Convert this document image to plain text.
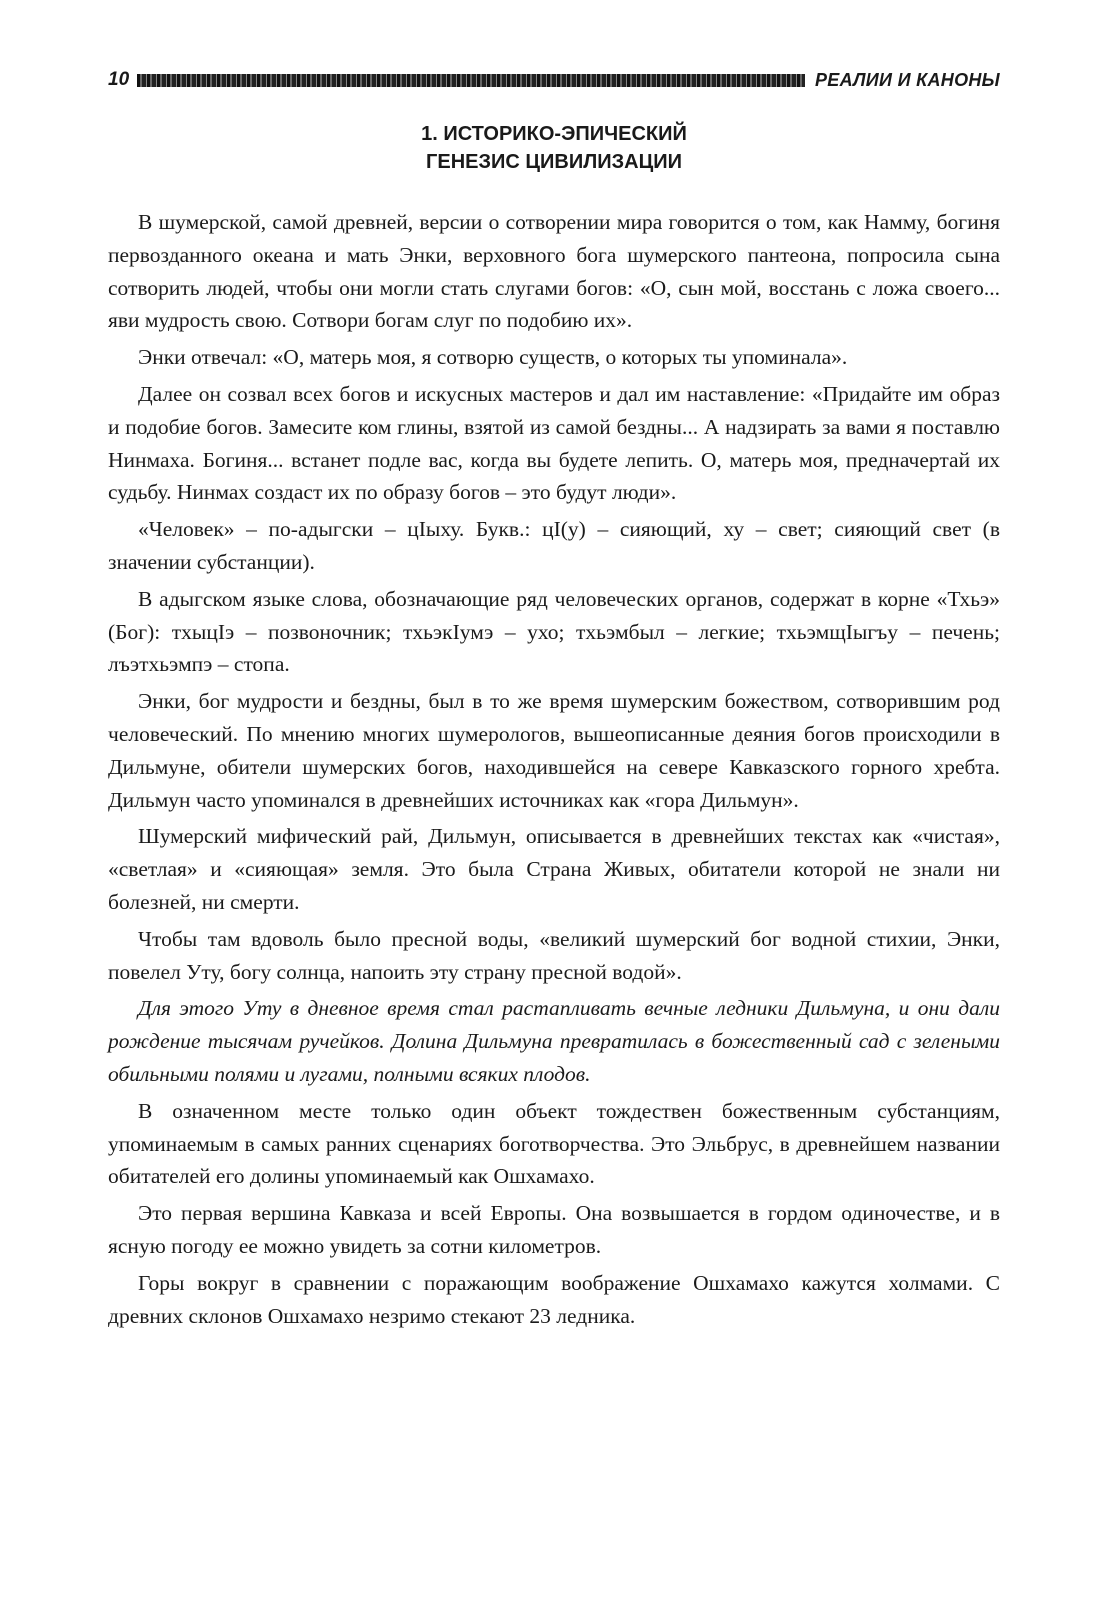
10	РЕАЛИИ И КАНОНЫ
1. ИСТОРИКО-ЭПИЧЕСКИЙ
ГЕНЕЗИС ЦИВИЛИЗАЦИИ

В шумерской, самой древней, версии о сотворении мира говорится о том, как Намму, богиня первозданного океана и мать Энки, верховного бога шумерского пантеона, попросила сына сотворить людей, чтобы они могли стать слугами богов: «О, сын мой, восстань с ложа своего... яви мудрость свою. Сотвори богам слуг по подобию их».

Энки отвечал: «О, матерь моя, я сотворю существ, о которых ты упоминала».

Далее он созвал всех богов и искусных мастеров и дал им наставление: «Придайте им образ и подобие богов. Замесите ком глины, взятой из самой бездны... А надзирать за вами я поставлю Нинмаха. Богиня... встанет подле вас, когда вы будете лепить. О, матерь моя, предначертай их судьбу. Нинмах создаст их по образу богов – это будут люди».

«Человек» – по-адыгски – цIыху. Букв.: цI(у) – сияющий, ху – свет; сияющий свет (в значении субстанции).

В адыгском языке слова, обозначающие ряд человеческих органов, содержат в корне «Тхьэ» (Бог): тхыцIэ – позвоночник; тхьэкIумэ – ухо; тхьэмбыл – легкие; тхьэмщIыгъу – печень; лъэтхьэмпэ – стопа.

Энки, бог мудрости и бездны, был в то же время шумерским божеством, сотворившим род человеческий. По мнению многих шумерологов, вышеописанные деяния богов происходили в Дильмуне, обители шумерских богов, находившейся на севере Кавказского горного хребта. Дильмун часто упоминался в древнейших источниках как «гора Дильмун».

Шумерский мифический рай, Дильмун, описывается в древнейших текстах как «чистая», «светлая» и «сияющая» земля. Это была Страна Живых, обитатели которой не знали ни болезней, ни смерти.

Чтобы там вдоволь было пресной воды, «великий шумерский бог водной стихии, Энки, повелел Уту, богу солнца, напоить эту страну пресной водой».

Для этого Уту в дневное время стал растапливать вечные ледники Дильмуна, и они дали рождение тысячам ручейков. Долина Дильмуна превратилась в божественный сад с зелеными обильными полями и лугами, полными всяких плодов.

В означенном месте только один объект тождествен божественным субстанциям, упоминаемым в самых ранних сценариях боготворчества. Это Эльбрус, в древнейшем названии обитателей его долины упоминаемый как Ошхамахо.

Это первая вершина Кавказа и всей Европы. Она возвышается в гордом одиночестве, и в ясную погоду ее можно увидеть за сотни километров.

Горы вокруг в сравнении с поражающим воображение Ошхамахо кажутся холмами. С древних склонов Ошхамахо незримо стекают 23 ледника.
